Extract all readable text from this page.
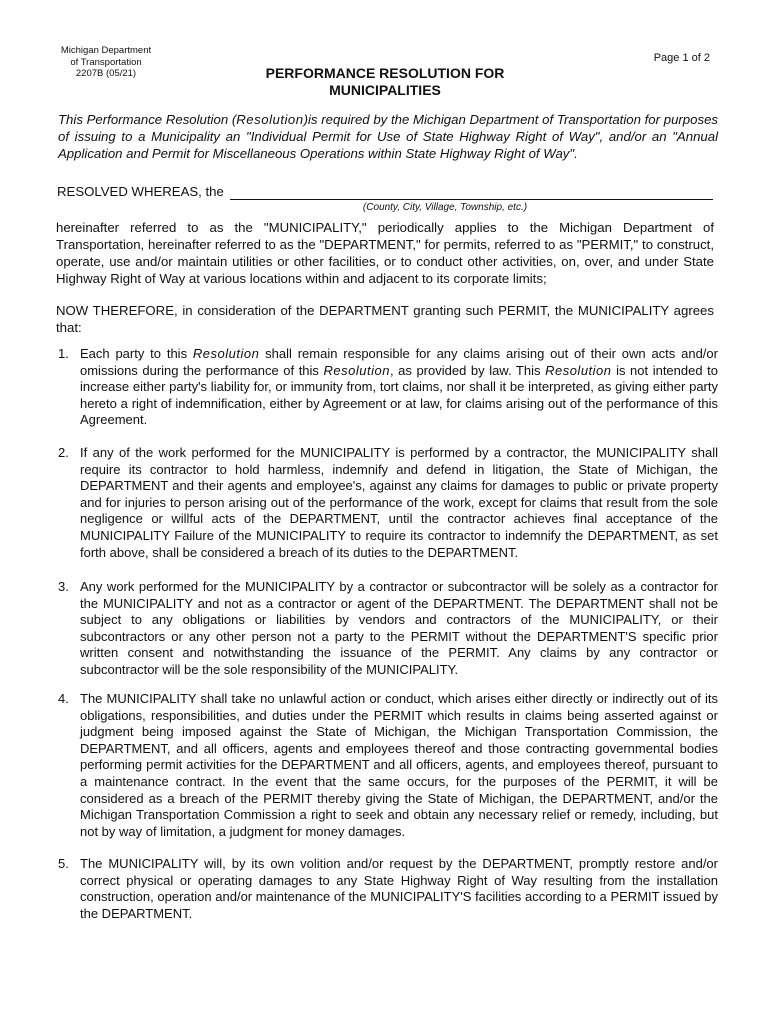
Michigan Department
of Transportation
2207B (05/21)
Page 1 of 2
PERFORMANCE RESOLUTION FOR
MUNICIPALITIES
This Performance Resolution (Resolution)is required by the Michigan Department of Transportation for purposes of issuing to a Municipality an "Individual Permit for Use of State Highway Right of Way", and/or an "Annual Application and Permit for Miscellaneous Operations within State Highway Right of Way".
RESOLVED WHEREAS, the
(County, City, Village, Township, etc.)
hereinafter referred to as the "MUNICIPALITY," periodically applies to the Michigan Department of Transportation, hereinafter referred to as the "DEPARTMENT," for permits, referred to as "PERMIT," to construct, operate, use and/or maintain utilities or other facilities, or to conduct other activities, on, over, and under State Highway Right of Way at various locations within and adjacent to its corporate limits;
NOW THEREFORE, in consideration of the DEPARTMENT granting such PERMIT, the MUNICIPALITY agrees that:
1. Each party to this Resolution shall remain responsible for any claims arising out of their own acts and/or omissions during the performance of this Resolution, as provided by law. This Resolution is not intended to increase either party's liability for, or immunity from, tort claims, nor shall it be interpreted, as giving either party hereto a right of indemnification, either by Agreement or at law, for claims arising out of the performance of this Agreement.
2. If any of the work performed for the MUNICIPALITY is performed by a contractor, the MUNICIPALITY shall require its contractor to hold harmless, indemnify and defend in litigation, the State of Michigan, the DEPARTMENT and their agents and employee's, against any claims for damages to public or private property and for injuries to person arising out of the performance of the work, except for claims that result from the sole negligence or willful acts of the DEPARTMENT, until the contractor achieves final acceptance of the MUNICIPALITY Failure of the MUNICIPALITY to require its contractor to indemnify the DEPARTMENT, as set forth above, shall be considered a breach of its duties to the DEPARTMENT.
3. Any work performed for the MUNICIPALITY by a contractor or subcontractor will be solely as a contractor for the MUNICIPALITY and not as a contractor or agent of the DEPARTMENT. The DEPARTMENT shall not be subject to any obligations or liabilities by vendors and contractors of the MUNICIPALITY, or their subcontractors or any other person not a party to the PERMIT without the DEPARTMENT'S specific prior written consent and notwithstanding the issuance of the PERMIT. Any claims by any contractor or subcontractor will be the sole responsibility of the MUNICIPALITY.
4. The MUNICIPALITY shall take no unlawful action or conduct, which arises either directly or indirectly out of its obligations, responsibilities, and duties under the PERMIT which results in claims being asserted against or judgment being imposed against the State of Michigan, the Michigan Transportation Commission, the DEPARTMENT, and all officers, agents and employees thereof and those contracting governmental bodies performing permit activities for the DEPARTMENT and all officers, agents, and employees thereof, pursuant to a maintenance contract. In the event that the same occurs, for the purposes of the PERMIT, it will be considered as a breach of the PERMIT thereby giving the State of Michigan, the DEPARTMENT, and/or the Michigan Transportation Commission a right to seek and obtain any necessary relief or remedy, including, but not by way of limitation, a judgment for money damages.
5. The MUNICIPALITY will, by its own volition and/or request by the DEPARTMENT, promptly restore and/or correct physical or operating damages to any State Highway Right of Way resulting from the installation construction, operation and/or maintenance of the MUNICIPALITY'S facilities according to a PERMIT issued by the DEPARTMENT.
